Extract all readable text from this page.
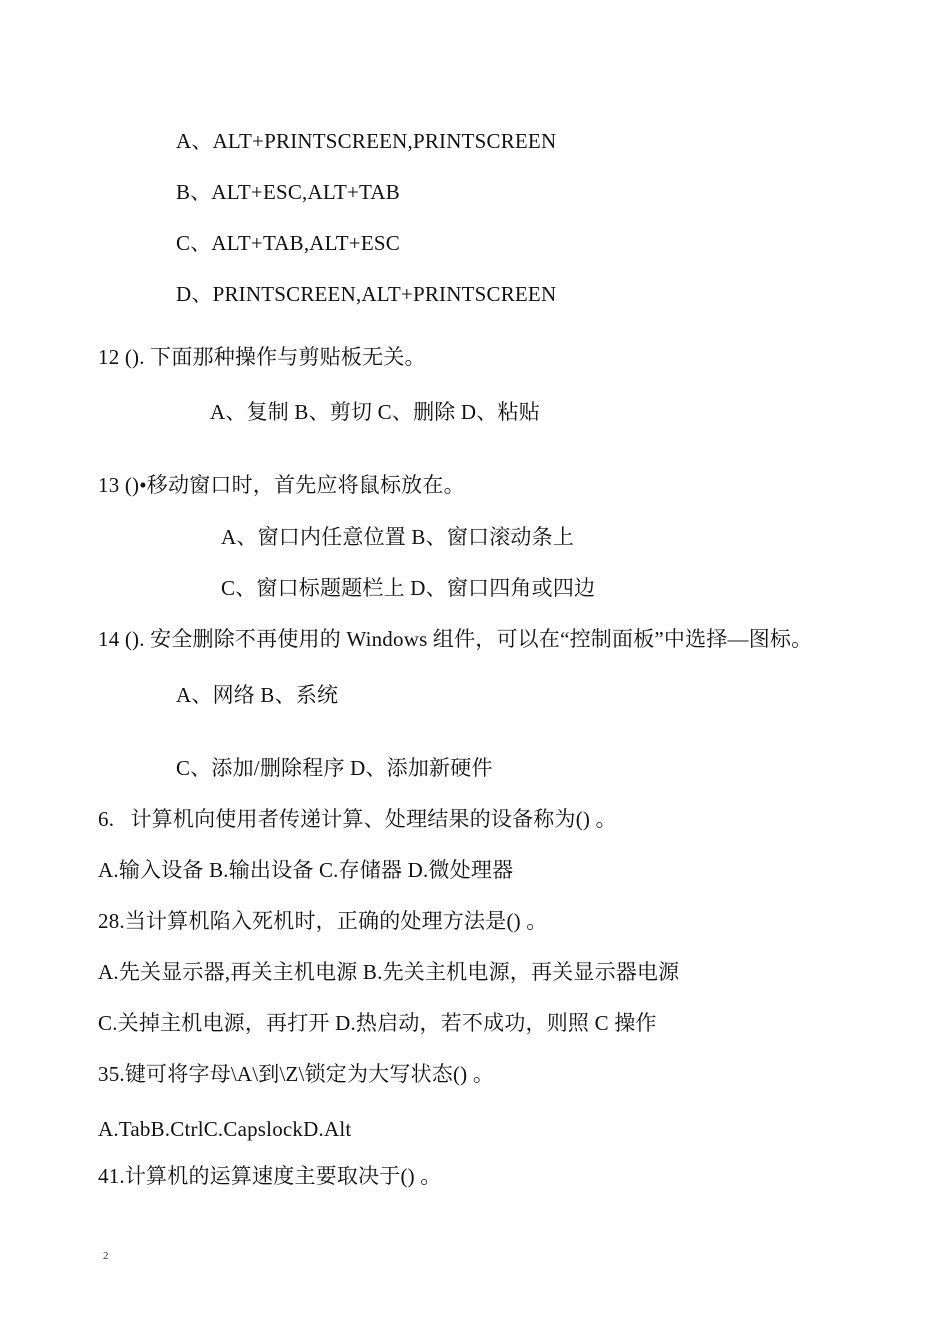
A、ALT+PRINTSCREEN,PRINTSCREEN
B、ALT+ESC,ALT+TAB
C、ALT+TAB,ALT+ESC
D、PRINTSCREEN,ALT+PRINTSCREEN
12 (). 下面那种操作与剪贴板无关。
A、复制 B、剪切 C、删除 D、粘贴
13 ()•移动窗口时，首先应将鼠标放在。
A、窗口内任意位置 B、窗口滚动条上
C、窗口标题题栏上 D、窗口四角或四边
14 (). 安全删除不再使用的 Windows 组件，可以在“控制面板”中选择—图标。
A、网络 B、系统
C、添加/删除程序 D、添加新硬件
6.   计算机向使用者传递计算、处理结果的设备称为() 。
A.输入设备 B.输出设备 C.存储器 D.微处理器
28.当计算机陷入死机时，正确的处理方法是() 。
A.先关显示器,再关主机电源 B.先关主机电源，再关显示器电源
C.关掉主机电源，再打开 D.热启动，若不成功，则照 C 操作
35.键可将字母\A\到\Z\锁定为大写状态() 。
A.TabB.CtrlC.CapslockD.Alt
41.计算机的运算速度主要取决于() 。
2
